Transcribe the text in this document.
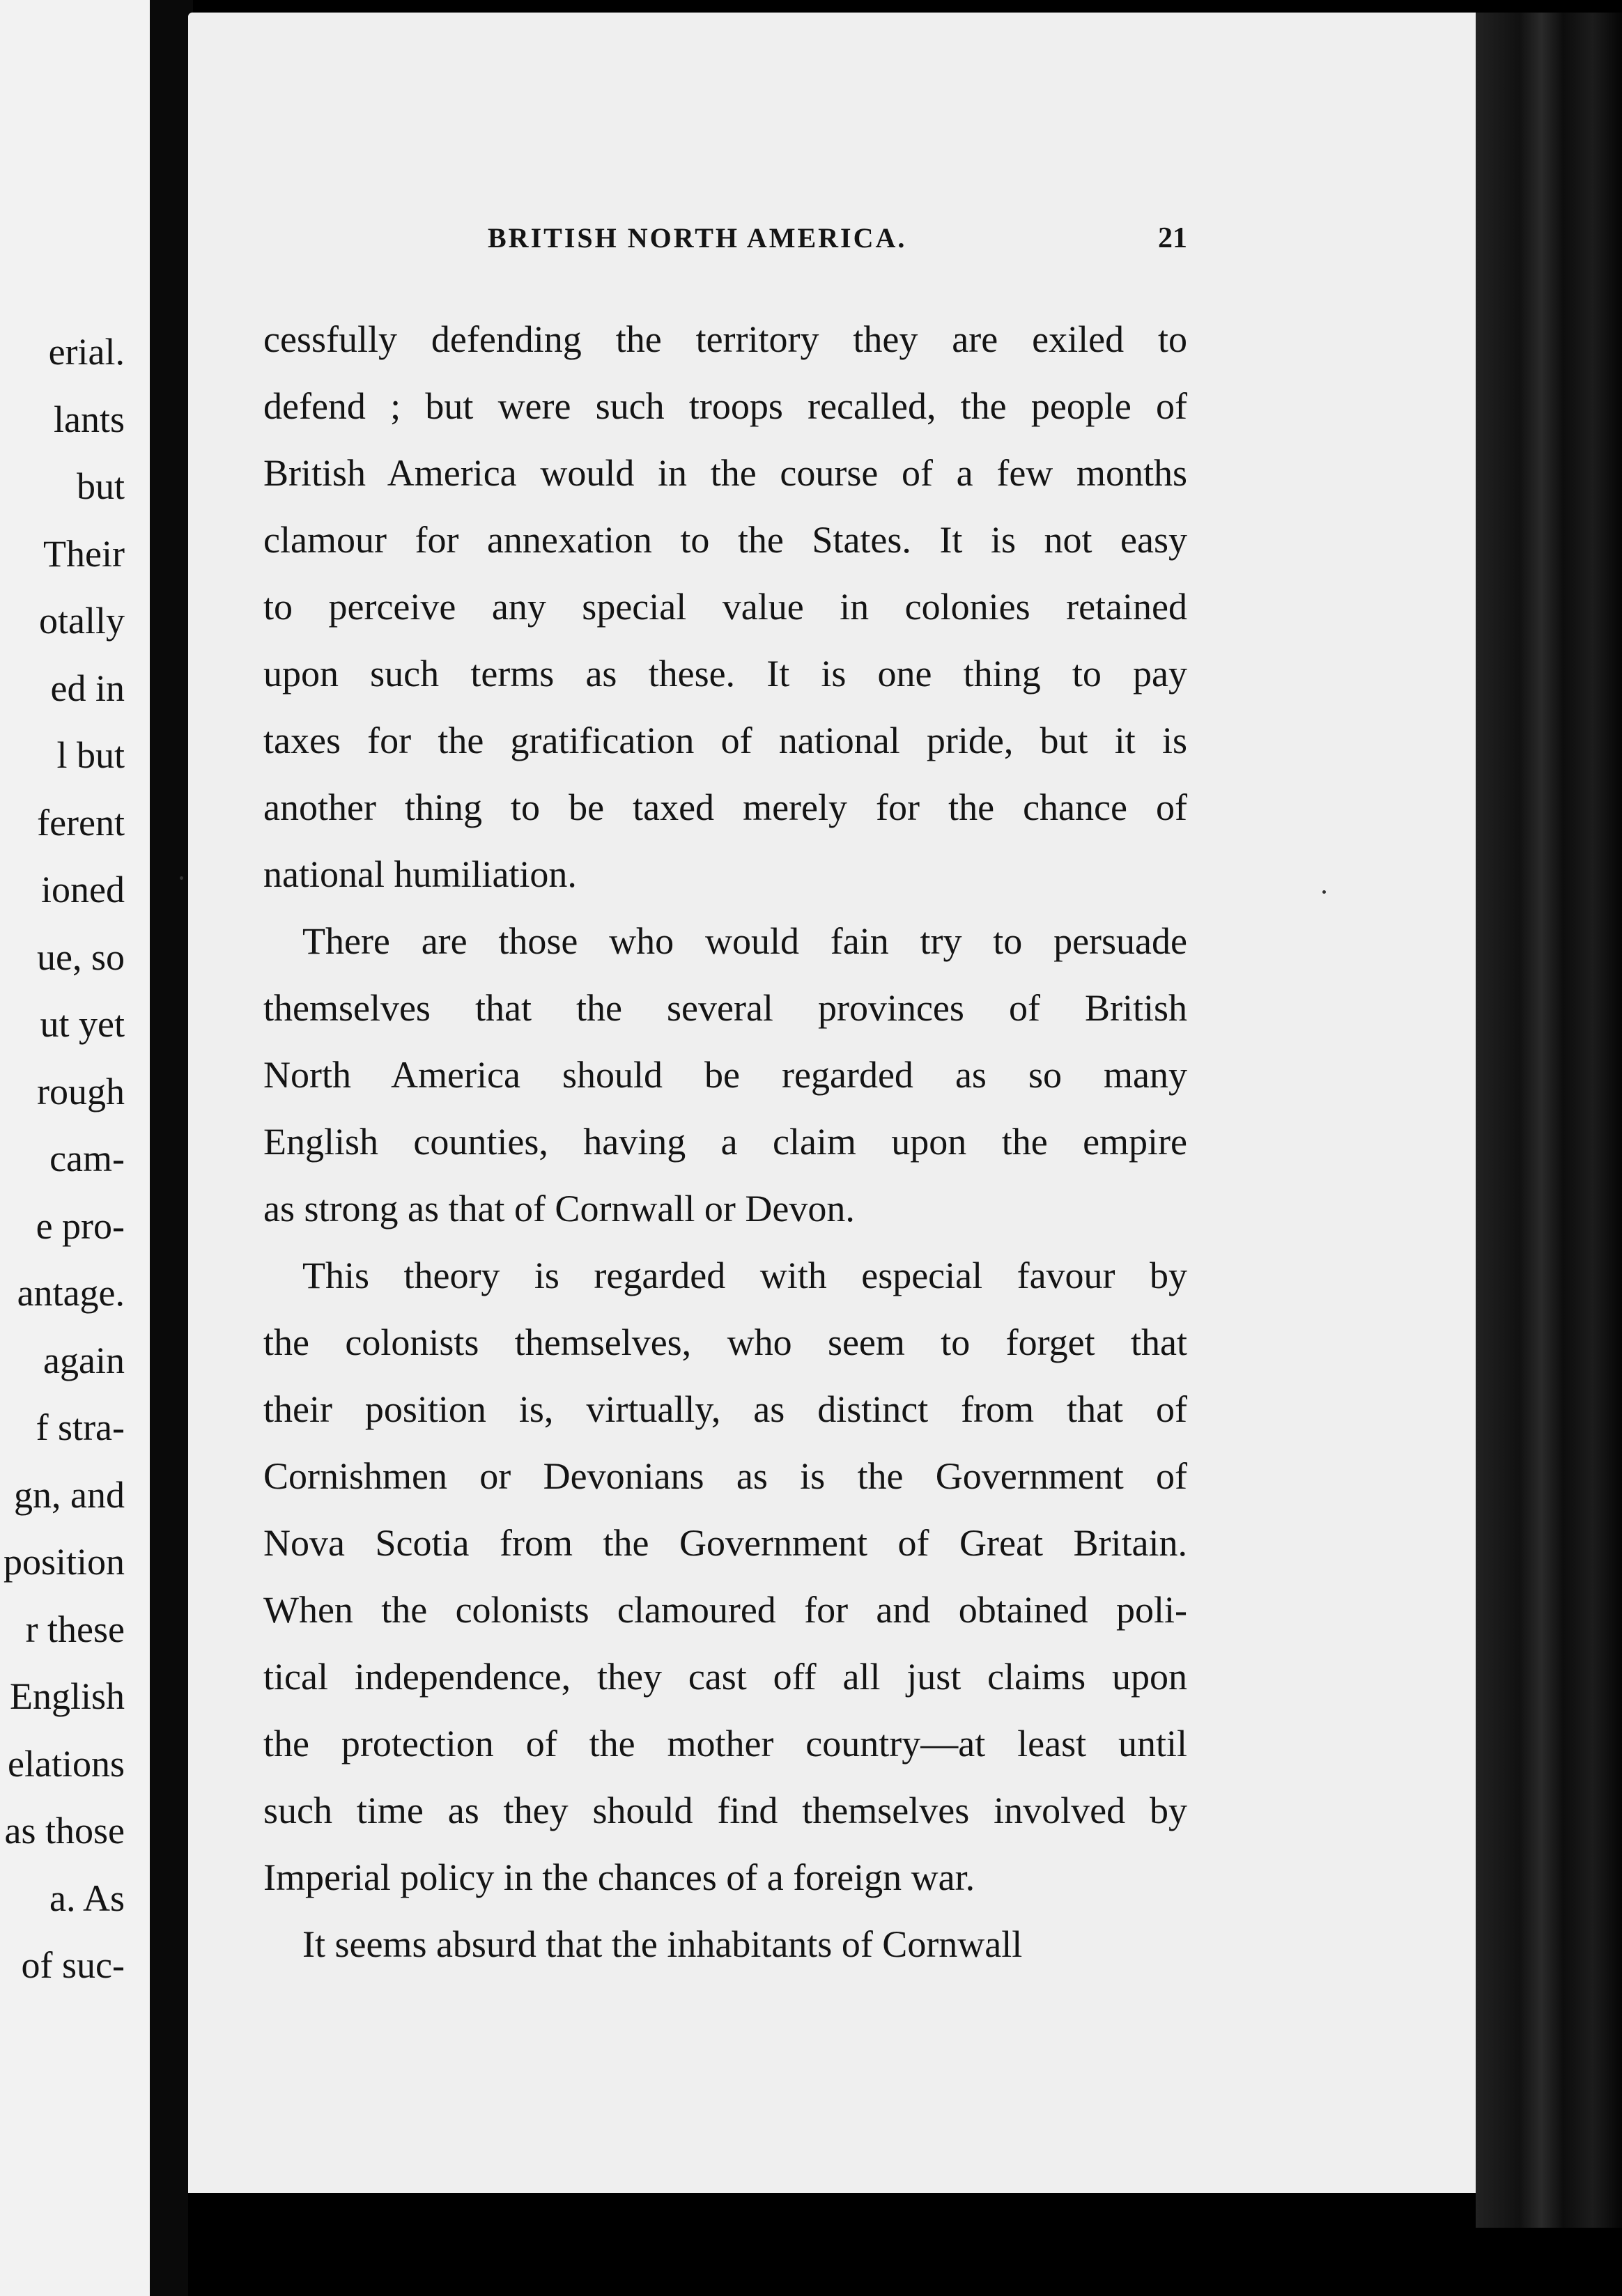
erial.
lants
but
Their
otally
ed in
l but
ferent
ioned
ue, so
ut yet
rough
cam-
e pro-
antage.
again
f stra-
gn, and
position
r these
English
elations
as those
a. As
of suc-
BRITISH NORTH AMERICA.	21
cessfully defending the territory they are exiled to
defend ; but were such troops recalled, the people of
British America would in the course of a few months
clamour for annexation to the States. It is not easy
to perceive any special value in colonies retained
upon such terms as these. It is one thing to pay
taxes for the gratification of national pride, but it is
another thing to be taxed merely for the chance of
national humiliation.
There are those who would fain try to persuade
themselves that the several provinces of British
North America should be regarded as so many
English counties, having a claim upon the empire
as strong as that of Cornwall or Devon.
This theory is regarded with especial favour by
the colonists themselves, who seem to forget that
their position is, virtually, as distinct from that of
Cornishmen or Devonians as is the Government of
Nova Scotia from the Government of Great Britain.
When the colonists clamoured for and obtained poli-
tical independence, they cast off all just claims upon
the protection of the mother country—at least until
such time as they should find themselves involved by
Imperial policy in the chances of a foreign war.
It seems absurd that the inhabitants of Cornwall
